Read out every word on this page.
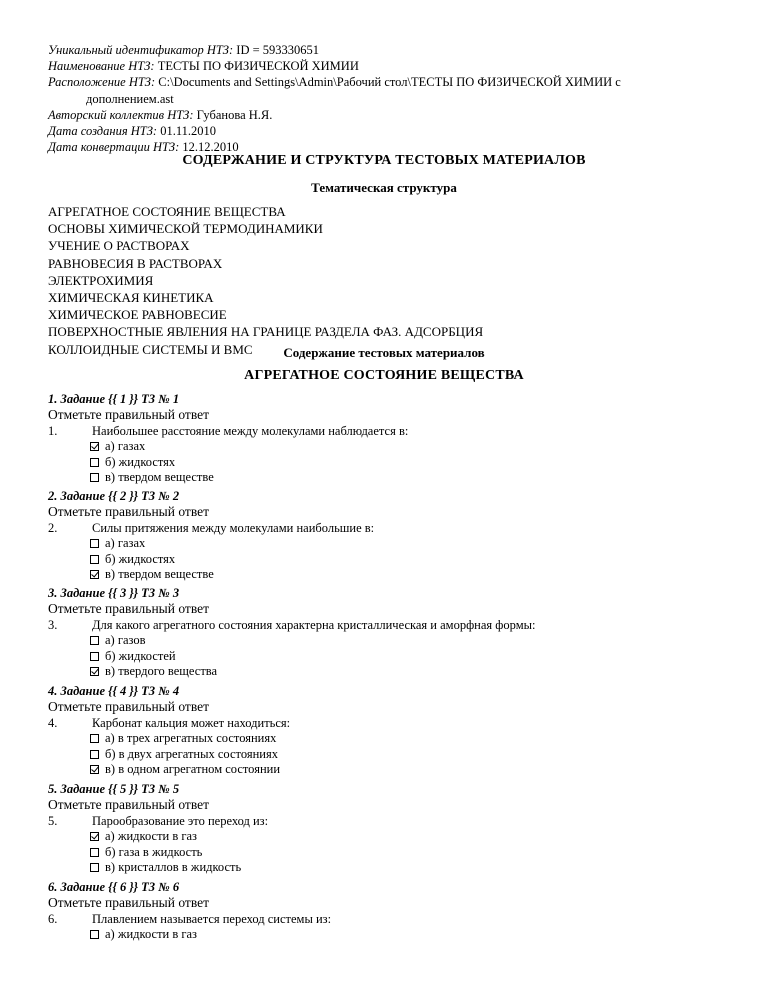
Уникальный идентификатор НТЗ: ID = 593330651
Наименование НТЗ: ТЕСТЫ ПО ФИЗИЧЕСКОЙ ХИМИИ
Расположение НТЗ: C:\Documents and Settings\Admin\Рабочий стол\ТЕСТЫ ПО ФИЗИЧЕСКОЙ ХИМИИ с
дополнением.ast
Авторский коллектив НТЗ: Губанова Н.Я.
Дата создания НТЗ: 01.11.2010
Дата конвертации НТЗ: 12.12.2010
СОДЕРЖАНИЕ И СТРУКТУРА ТЕСТОВЫХ МАТЕРИАЛОВ
Тематическая структура
АГРЕГАТНОЕ СОСТОЯНИЕ ВЕЩЕСТВА
ОСНОВЫ ХИМИЧЕСКОЙ ТЕРМОДИНАМИКИ
УЧЕНИЕ О РАСТВОРАХ
РАВНОВЕСИЯ В РАСТВОРАХ
ЭЛЕКТРОХИМИЯ
ХИМИЧЕСКАЯ КИНЕТИКА
ХИМИЧЕСКОЕ РАВНОВЕСИЕ
ПОВЕРХНОСТНЫЕ ЯВЛЕНИЯ НА ГРАНИЦЕ РАЗДЕЛА ФАЗ. АДСОРБЦИЯ
КОЛЛОИДНЫЕ СИСТЕМЫ И ВМС	Содержание тестовых материалов
АГРЕГАТНОЕ СОСТОЯНИЕ ВЕЩЕСТВА
1. Задание {{ 1 }} ТЗ № 1
Отметьте правильный ответ
1.	Наибольшее расстояние между молекулами наблюдается в:
а) газах
б) жидкостях
в) твердом веществе
2. Задание {{ 2 }} ТЗ № 2
Отметьте правильный ответ
2.	Силы притяжения между молекулами наибольшие в:
а) газах
б) жидкостях
в) твердом веществе
3. Задание {{ 3 }} ТЗ № 3
Отметьте правильный ответ
3.	Для какого агрегатного состояния характерна кристаллическая и аморфная формы:
а) газов
б) жидкостей
в) твердого вещества
4. Задание {{ 4 }} ТЗ № 4
Отметьте правильный ответ
4.	Карбонат кальция может находиться:
а) в трех агрегатных состояниях
б) в двух агрегатных состояниях
в) в одном агрегатном состоянии
5. Задание {{ 5 }} ТЗ № 5
Отметьте правильный ответ
5.	Парообразование это переход из:
а) жидкости в газ
б) газа в жидкость
в) кристаллов в жидкость
6. Задание {{ 6 }} ТЗ № 6
Отметьте правильный ответ
6.	Плавлением называется переход системы из:
а) жидкости в газ
